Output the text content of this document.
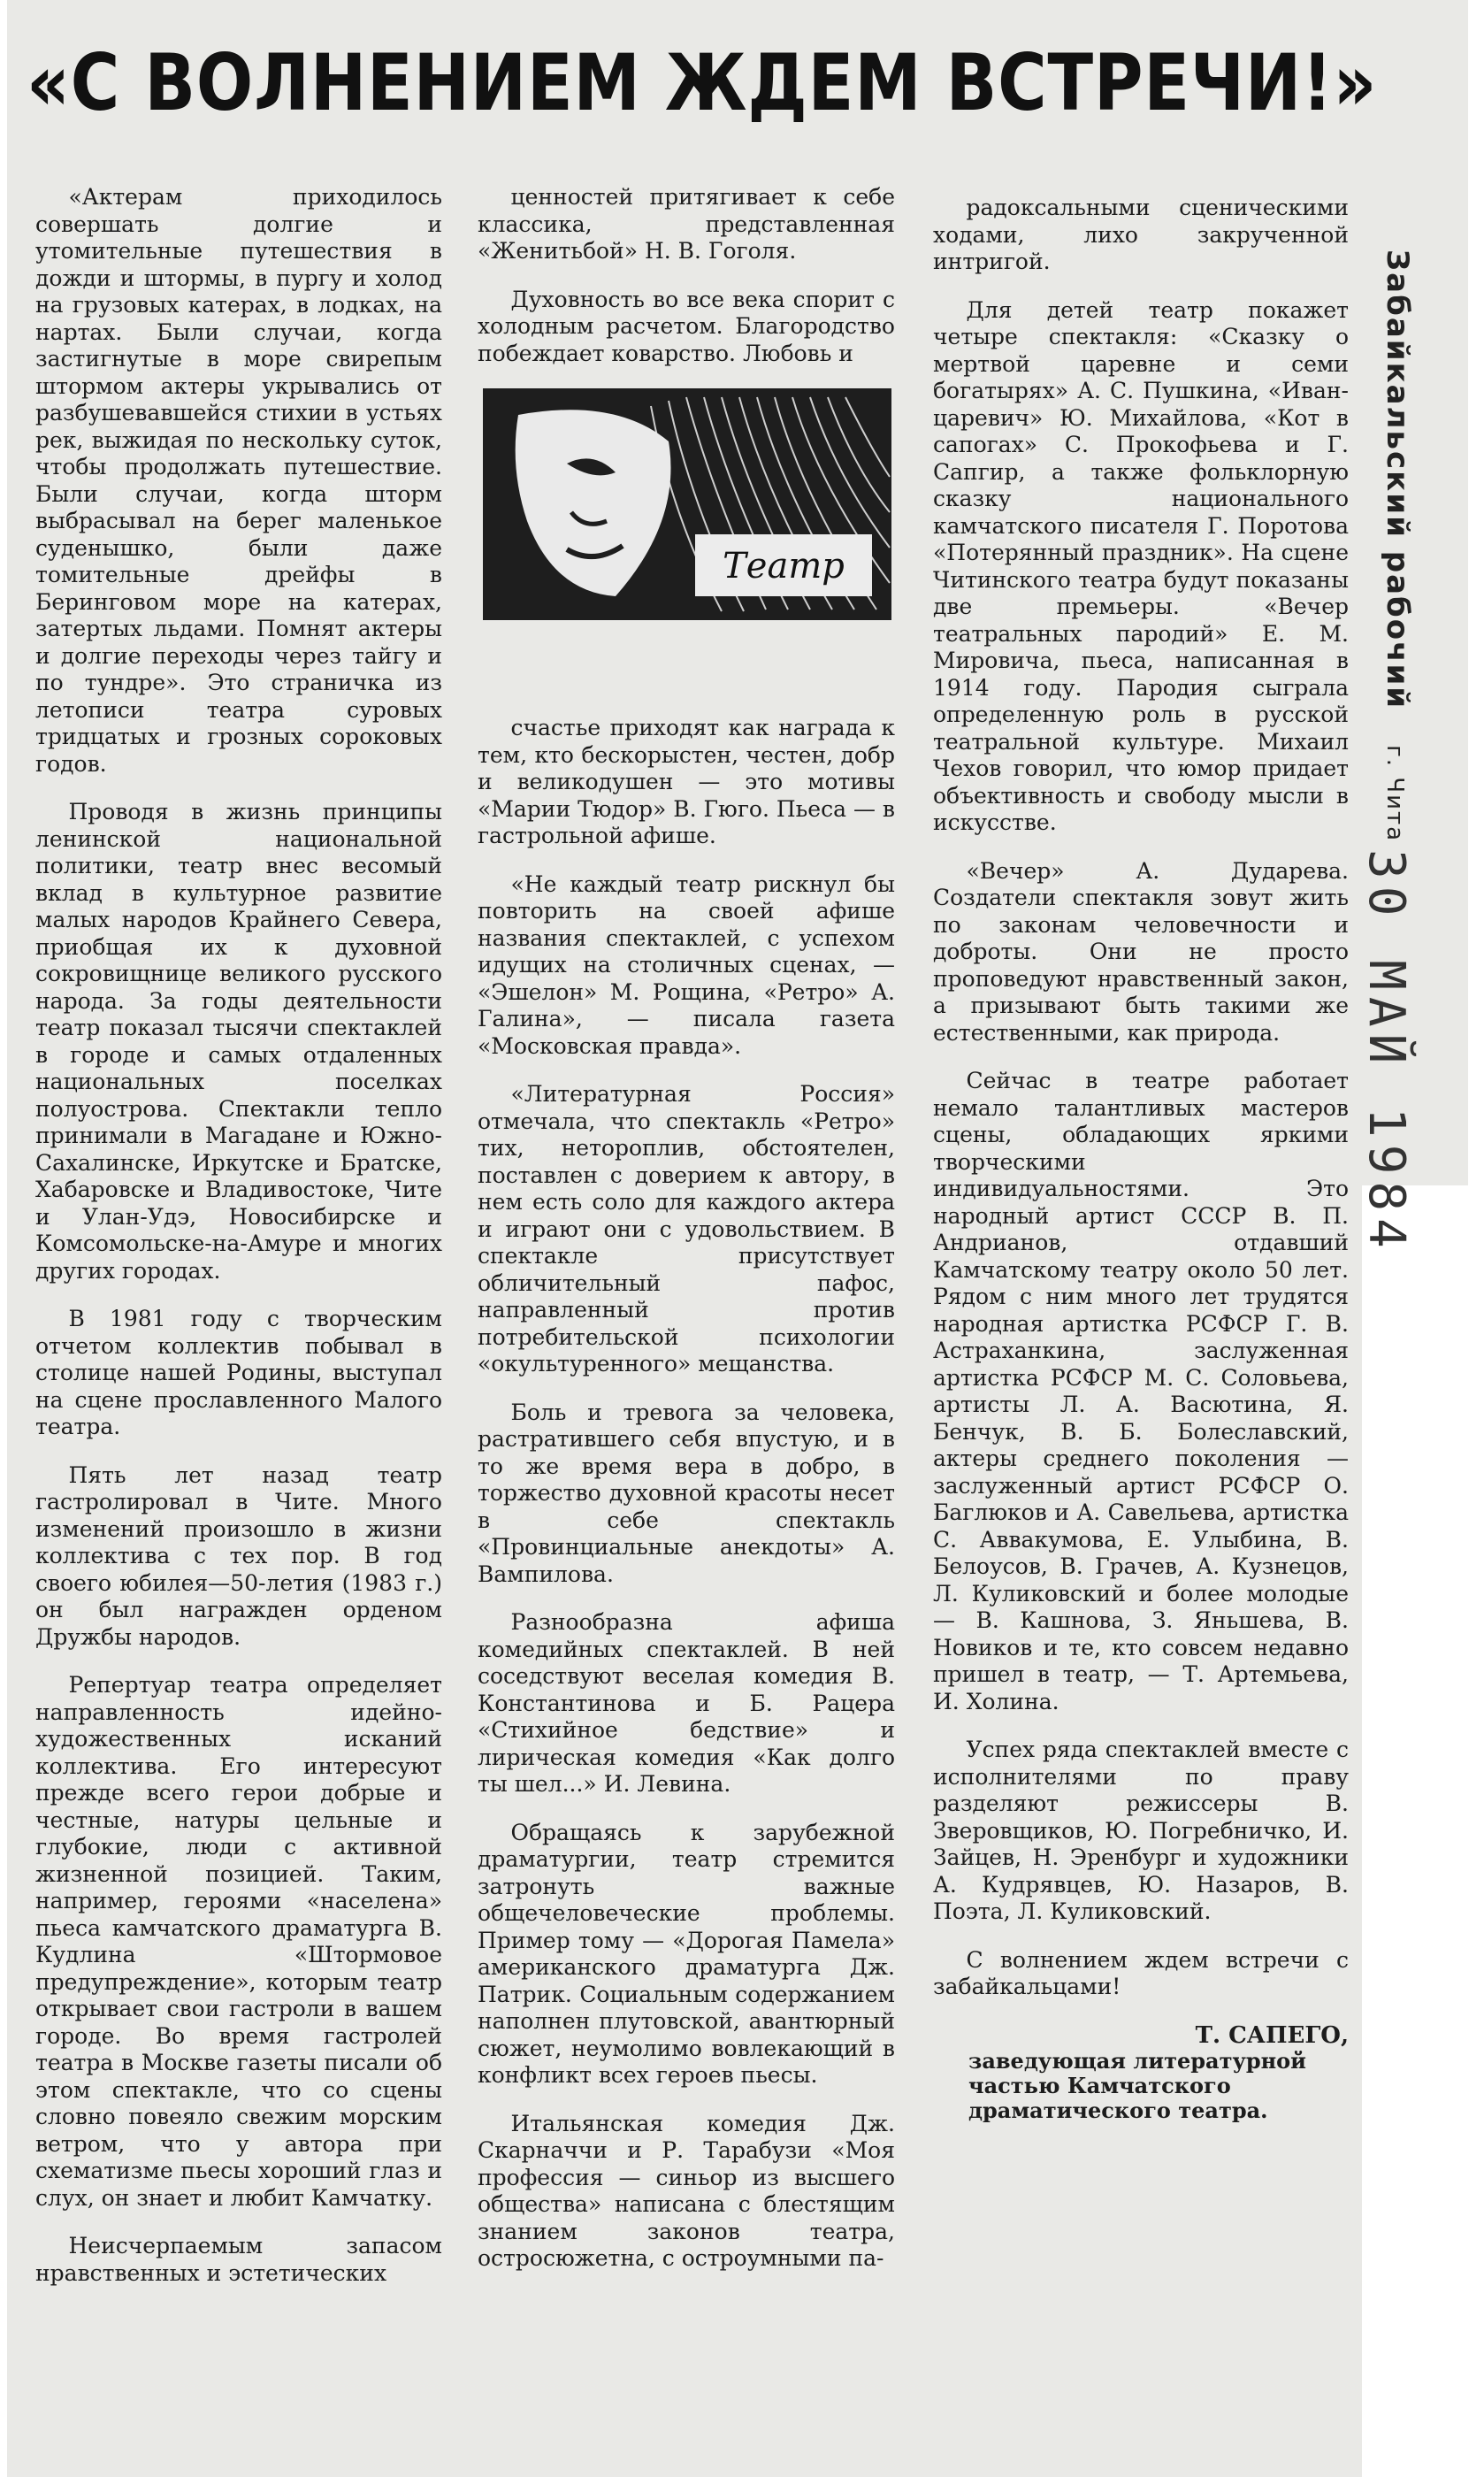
«С ВОЛНЕНИЕМ ЖДЕМ ВСТРЕЧИ!»

«Актерам приходилось совершать долгие и утомительные путешествия в дожди и штормы, в пургу и холод на грузовых катерах, в лодках, на нартах. Были случаи, когда застигнутые в море свирепым штормом актеры укрывались от разбушевавшейся стихии в устьях рек, выжидая по нескольку суток, чтобы продолжать путешествие. Были случаи, когда шторм выбрасывал на берег маленькое суденышко, были даже томительные дрейфы в Беринговом море на катерах, затертых льдами. Помнят актеры и долгие переходы через тайгу и по тундре». Это страничка из летописи театра суровых тридцатых и грозных сороковых годов.

Проводя в жизнь принципы ленинской национальной политики, театр внес весомый вклад в культурное развитие малых народов Крайнего Севера, приобщая их к духовной сокровищнице великого русского народа. За годы деятельности театр показал тысячи спектаклей в городе и самых отдаленных национальных поселках полуострова. Спектакли тепло принимали в Магадане и Южно-Сахалинске, Иркутске и Братске, Хабаровске и Владивостоке, Чите и Улан-Удэ, Новосибирске и Комсомольске-на-Амуре и многих других городах.

В 1981 году с творческим отчетом коллектив побывал в столице нашей Родины, выступал на сцене прославленного Малого театра.

Пять лет назад театр гастролировал в Чите. Много изменений произошло в жизни коллектива с тех пор. В год своего юбилея—50-летия (1983 г.) он был награжден орденом Дружбы народов.

Репертуар театра определяет направленность идейно-художественных исканий коллектива. Его интересуют прежде всего герои добрые и честные, натуры цельные и глубокие, люди с активной жизненной позицией. Таким, например, героями «населена» пьеса камчатского драматурга В. Кудлина «Штормовое предупреждение», которым театр открывает свои гастроли в вашем городе. Во время гастролей театра в Москве газеты писали об этом спектакле, что со сцены словно повеяло свежим морским ветром, что у автора при схематизме пьесы хороший глаз и слух, он знает и любит Камчатку.

Неисчерпаемым запасом нравственных и эстетических

ценностей притягивает к себе классика, представленная «Женитьбой» Н. В. Гоголя.

Духовность во все века спорит с холодным расчетом. Благородство побеждает коварство. Любовь и

Театр

счастье приходят как награда к тем, кто бескорыстен, честен, добр и великодушен — это мотивы «Марии Тюдор» В. Гюго. Пьеса — в гастрольной афише.

«Не каждый театр рискнул бы повторить на своей афише названия спектаклей, с успехом идущих на столичных сценах, — «Эшелон» М. Рощина, «Ретро» А. Галина», — писала газета «Московская правда».

«Литературная Россия» отмечала, что спектакль «Ретро» тих, нетороплив, обстоятелен, поставлен с доверием к автору, в нем есть соло для каждого актера и играют они с удовольствием. В спектакле присутствует обличительный пафос, направленный против потребительской психологии «окультуренного» мещанства.

Боль и тревога за человека, растратившего себя впустую, и в то же время вера в добро, в торжество духовной красоты несет в себе спектакль «Провинциальные анекдоты» А. Вампилова.

Разнообразна афиша комедийных спектаклей. В ней соседствуют веселая комедия В. Константинова и Б. Рацера «Стихийное бедствие» и лирическая комедия «Как долго ты шел...» И. Левина.

Обращаясь к зарубежной драматургии, театр стремится затронуть важные общечеловеческие проблемы. Пример тому — «Дорогая Памела» американского драматурга Дж. Патрик. Социальным содержанием наполнен плутовской, авантюрный сюжет, неумолимо вовлекающий в конфликт всех героев пьесы.

Итальянская комедия Дж. Скарначчи и Р. Тарабузи «Моя профессия — синьор из высшего общества» написана с блестящим знанием законов театра, остросюжетна, с остроумными па-

радоксальными сценическими ходами, лихо закрученной интригой.

Для детей театр покажет четыре спектакля: «Сказку о мертвой царевне и семи богатырях» А. С. Пушкина, «Иван-царевич» Ю. Михайлова, «Кот в сапогах» С. Прокофьева и Г. Сапгир, а также фольклорную сказку национального камчатского писателя Г. Поротова «Потерянный праздник». На сцене Читинского театра будут показаны две премьеры. «Вечер театральных пародий» Е. М. Мировича, пьеса, написанная в 1914 году. Пародия сыграла определенную роль в русской театральной культуре. Михаил Чехов говорил, что юмор придает объективность и свободу мысли в искусстве.

«Вечер» А. Дударева. Создатели спектакля зовут жить по законам человечности и доброты. Они не просто проповедуют нравственный закон, а призывают быть такими же естественными, как природа.

Сейчас в театре работает немало талантливых мастеров сцены, обладающих яркими творческими индивидуальностями. Это народный артист СССР В. П. Андрианов, отдавший Камчатскому театру около 50 лет. Рядом с ним много лет трудятся народная артистка РСФСР Г. В. Астраханкина, заслуженная артистка РСФСР М. С. Соловьева, артисты Л. А. Васютина, Я. Бенчук, В. Б. Болеславский, актеры среднего поколения — заслуженный артист РСФСР О. Баглюков и А. Савельева, артистка С. Аввакумова, Е. Улыбина, В. Белоусов, В. Грачев, А. Кузнецов, Л. Куликовский и более молодые — В. Кашнова, З. Яньшева, В. Новиков и те, кто совсем недавно пришел в театр, — Т. Артемьева, И. Холина.

Успех ряда спектаклей вместе с исполнителями по праву разделяют режиссеры В. Зверовщиков, Ю. Погребничко, И. Зайцев, Н. Эренбург и художники А. Кудрявцев, Ю. Назаров, В. Поэта, Л. Куликовский.

С волнением ждем встречи с забайкальцами!

Т. САПЕГО,
заведующая литературной частью Камчатского драматического театра.
Забайкальский рабочийг. Чита
30 МАЙ 1984
